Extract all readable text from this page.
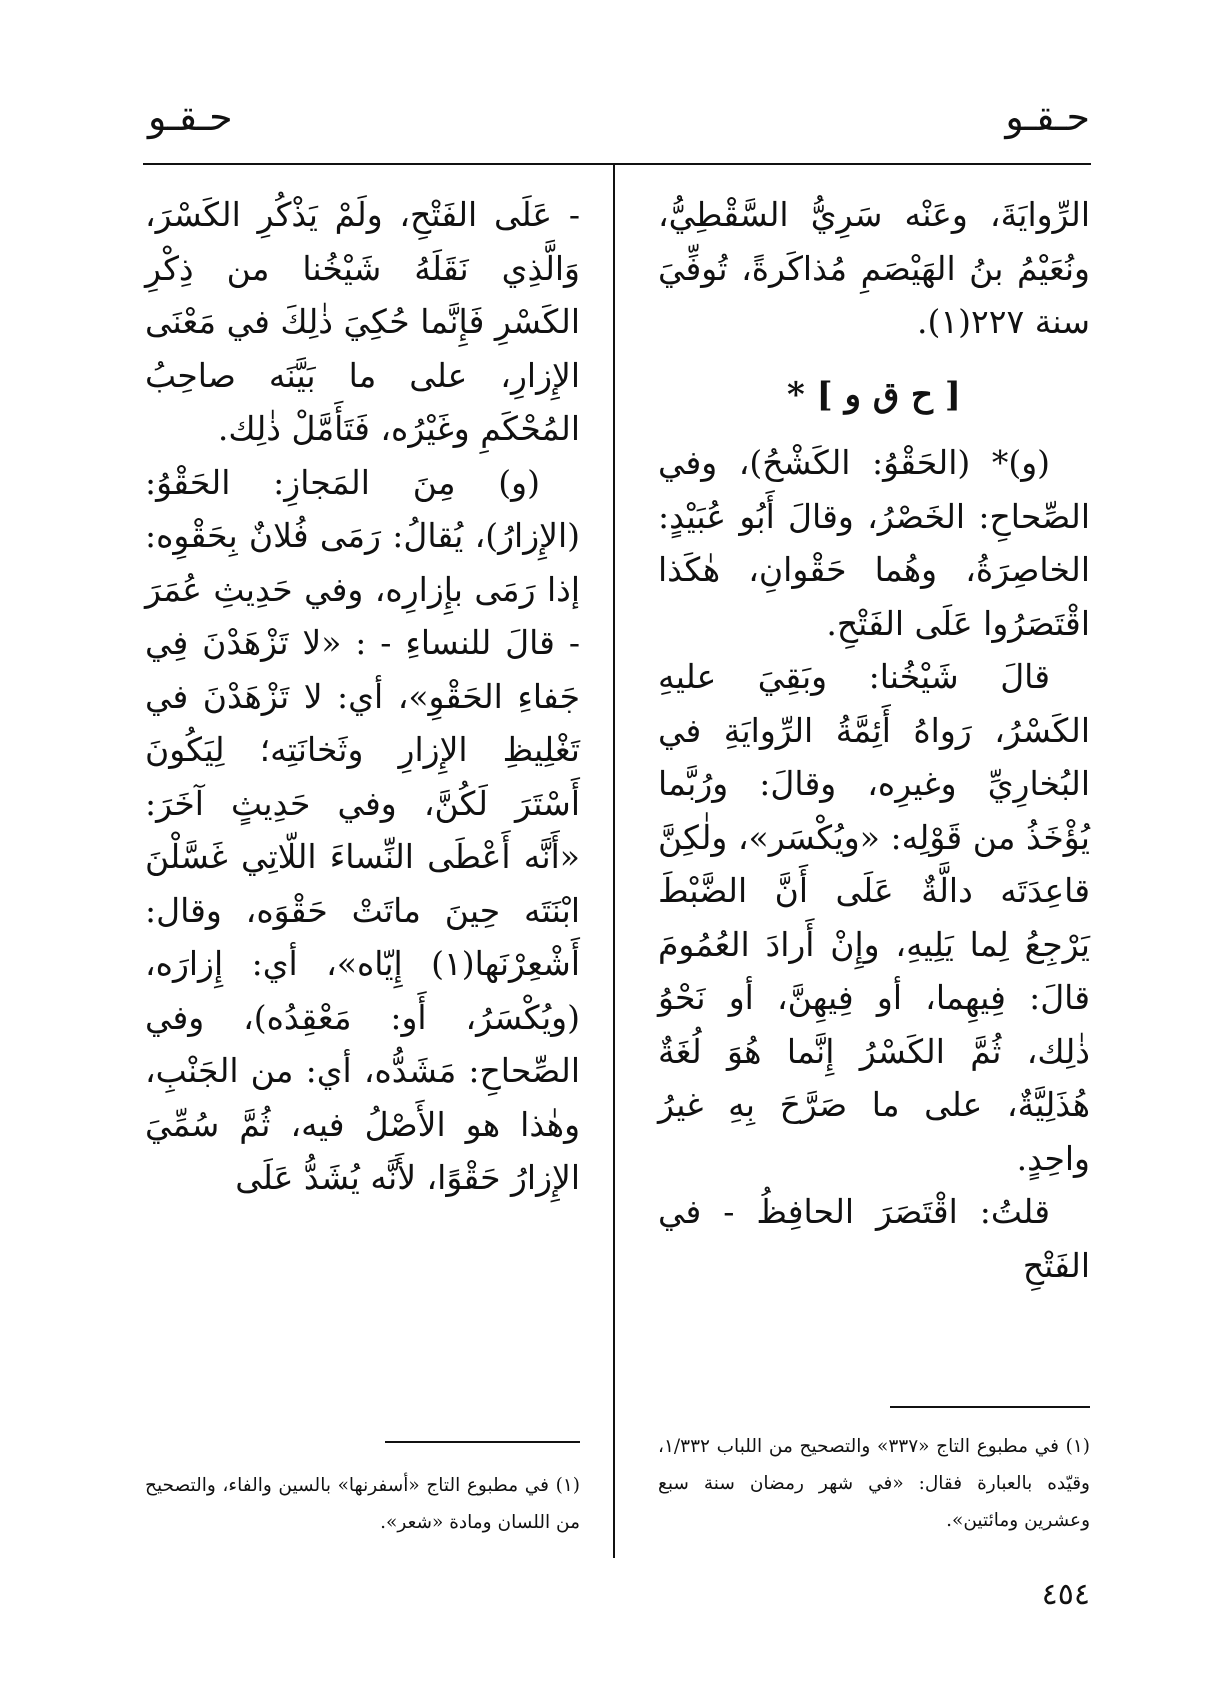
حـقـو
حـقـو

الرِّوايَةَ، وعَنْه سَرِيُّ السَّقْطِيُّ، ونُعَيْمُ بنُ الهَيْصَمِ مُذاكَرةً، تُوفِّيَ سنة ٢٢٧(١).

[ ح ق و ] *

(و)* (الحَقْوُ: الكَشْحُ)، وفي الصِّحاحِ: الخَصْرُ، وقالَ أَبُو عُبَيْدٍ: الخاصِرَةُ، وهُما حَقْوانِ، هٰكَذا اقْتَصَرُوا عَلَى الفَتْحِ.

قالَ شَيْخُنا: وبَقِيَ عليهِ الكَسْرُ، رَواهُ أَئِمَّةُ الرِّوايَةِ في البُخارِيِّ وغيرِه، وقالَ: ورُبَّما يُؤْخَذُ من قَوْلِه: «ويُكْسَر»، ولٰكِنَّ قاعِدَتَه دالَّةٌ عَلَى أَنَّ الضَّبْطَ يَرْجِعُ لِما يَلِيهِ، وإِنْ أَرادَ العُمُومَ قالَ: فِيهِما، أو فِيهِنَّ، أو نَحْوُ ذٰلِك، ثُمَّ الكَسْرُ إِنَّما هُوَ لُغَةٌ هُذَلِيَّةٌ، على ما صَرَّحَ بِهِ غيرُ واحِدٍ.

قلتُ: اقْتَصَرَ الحافِظُ - في الفَتْحِ

- عَلَى الفَتْحِ، ولَمْ يَذْكُرِ الكَسْرَ، وَالَّذِي نَقَلَهُ شَيْخُنا من ذِكْرِ الكَسْرِ فَإِنَّما حُكِيَ ذٰلِكَ في مَعْنَى الإِزارِ، على ما بَيَّنَه صاحِبُ المُحْكَمِ وغَيْرُه، فَتَأَمَّلْ ذٰلِك.

(و) مِنَ المَجازِ: الحَقْوُ: (الإِزارُ)، يُقالُ: رَمَى فُلانٌ بِحَقْوِه: إذا رَمَى بإِزارِه، وفي حَدِيثِ عُمَرَ - قالَ للنساءِ - : «لا تَزْهَدْنَ فِي جَفاءِ الحَقْوِ»، أي: لا تَزْهَدْنَ في تَغْلِيظِ الإِزارِ وثَخانَتِه؛ لِيَكُونَ أَسْتَرَ لَكُنَّ، وفي حَدِيثٍ آخَرَ: «أَنَّه أَعْطَى النِّساءَ اللّاتِي غَسَّلْنَ ابْنَتَه حِينَ ماتَتْ حَقْوَه، وقال: أَشْعِرْنَها(١) إِيّاه»، أي: إِزارَه، (ويُكْسَرُ، أَو: مَعْقِدُه)، وفي الصِّحاحِ: مَشَدُّه، أي: من الجَنْبِ، وهٰذا هو الأَصْلُ فيه، ثُمَّ سُمِّيَ الإِزارُ حَقْوًا، لأَنَّه يُشَدُّ عَلَى

(١) في مطبوع التاج «٣٣٧» والتصحيح من اللباب ١/٣٣٢، وقيّده بالعبارة فقال: «في شهر رمضان سنة سبع وعشرين ومائتين».

(١) في مطبوع التاج «أسفرنها» بالسين والفاء، والتصحيح من اللسان ومادة «شعر».

٤٥٤
